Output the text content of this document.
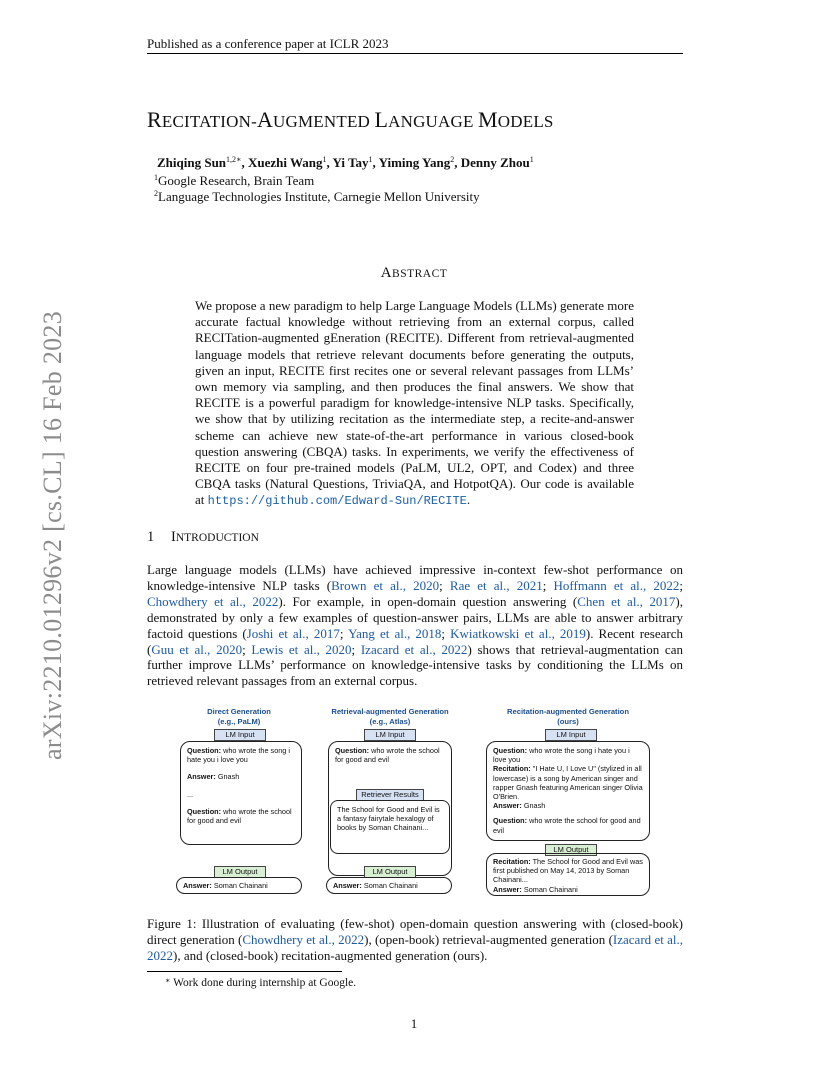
Published as a conference paper at ICLR 2023
arXiv:2210.01296v2 [cs.CL] 16 Feb 2023
RECITATION-AUGMENTED LANGUAGE MODELS
Zhiqing Sun$^{1,2∗}$, Xuezhi Wang$^1$, Yi Tay$^1$, Yiming Yang$^2$, Denny Zhou$^1$
$^1$Google Research, Brain Team
$^2$Language Technologies Institute, Carnegie Mellon University
ABSTRACT
We propose a new paradigm to help Large Language Models (LLMs) generate more accurate factual knowledge without retrieving from an external corpus, called RECITation-augmented gEneration (RECITE). Different from retrieval-augmented language models that retrieve relevant documents before generating the outputs, given an input, RECITE first recites one or several relevant passages from LLMs’ own memory via sampling, and then produces the final answers. We show that RECITE is a powerful paradigm for knowledge-intensive NLP tasks. Specifically, we show that by utilizing recitation as the intermediate step, a recite-and-answer scheme can achieve new state-of-the-art performance in various closed-book question answering (CBQA) tasks. In experiments, we verify the effectiveness of RECITE on four pre-trained models (PaLM, UL2, OPT, and Codex) and three CBQA tasks (Natural Questions, TriviaQA, and HotpotQA). Our code is available at https://github.com/Edward-Sun/RECITE.
1 INTRODUCTION
Large language models (LLMs) have achieved impressive in-context few-shot performance on knowledge-intensive NLP tasks (Brown et al., 2020; Rae et al., 2021; Hoffmann et al., 2022; Chowdhery et al., 2022). For example, in open-domain question answering (Chen et al., 2017), demonstrated by only a few examples of question-answer pairs, LLMs are able to answer arbitrary factoid questions (Joshi et al., 2017; Yang et al., 2018; Kwiatkowski et al., 2019). Recent research (Guu et al., 2020; Lewis et al., 2020; Izacard et al., 2022) shows that retrieval-augmentation can further improve LLMs’ performance on knowledge-intensive tasks by conditioning the LLMs on retrieved relevant passages from an external corpus.
Direct Generation
(e.g., PaLM)
LM Input

Question: who wrote the song i hate you i love you

Answer: Gnash

...

Question: who wrote the school for good and evil

LM Output

Answer: Soman Chainani

Retrieval-augmented Generation
(e.g., Atlas)
LM Input

Question: who wrote the school for good and evil

Retriever Results

The School for Good and Evil is a fantasy fairytale hexalogy of books by Soman Chainani...

LM Output

Answer: Soman Chainani

Recitation-augmented Generation
(ours)
LM Input

Question: who wrote the song i hate you i love you

Recitation: "I Hate U, I Love U" (stylized in all lowercase) is a song by American singer and rapper Gnash featuring American singer Olivia O'Brien.

Answer: Gnash

Question: who wrote the school for good and evil

LM Output

Recitation: The School for Good and Evil was first published on May 14, 2013 by Soman Chainani...

Answer: Soman Chainani

Figure 1: Illustration of evaluating (few-shot) open-domain question answering with (closed-book) direct generation (Chowdhery et al., 2022), (open-book) retrieval-augmented generation (Izacard et al., 2022), and (closed-book) recitation-augmented generation (ours).
∗ Work done during internship at Google.
1
